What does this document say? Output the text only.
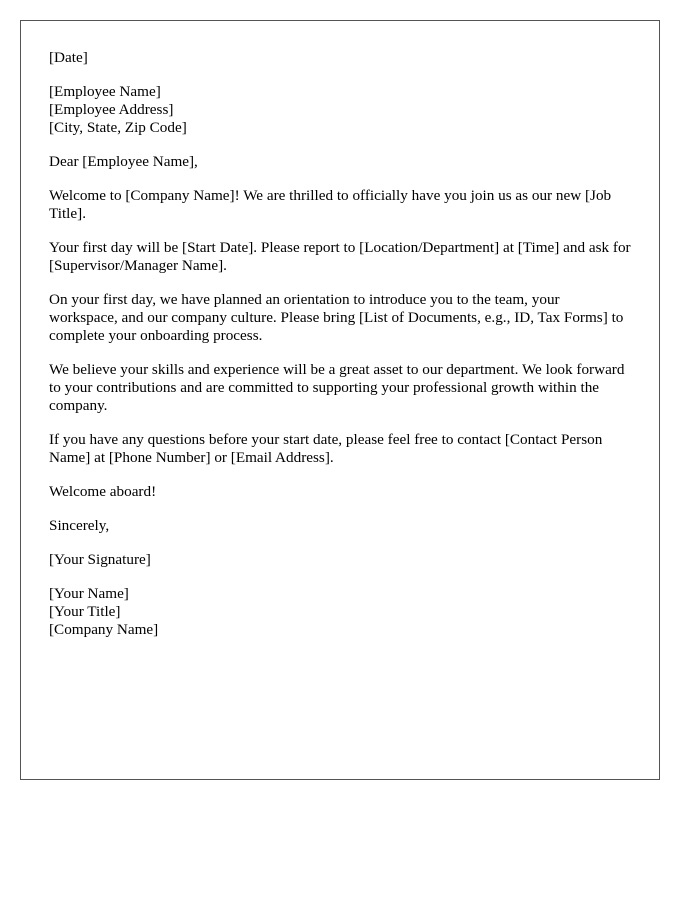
[Date]

[Employee Name]
[Employee Address]
[City, State, Zip Code]

Dear [Employee Name],

Welcome to [Company Name]! We are thrilled to officially have you join us as our new [Job Title].

Your first day will be [Start Date]. Please report to [Location/Department] at [Time] and ask for [Supervisor/Manager Name].

On your first day, we have planned an orientation to introduce you to the team, your workspace, and our company culture. Please bring [List of Documents, e.g., ID, Tax Forms] to complete your onboarding process.

We believe your skills and experience will be a great asset to our department. We look forward to your contributions and are committed to supporting your professional growth within the company.

If you have any questions before your start date, please feel free to contact [Contact Person Name] at [Phone Number] or [Email Address].

Welcome aboard!

Sincerely,

[Your Signature]

[Your Name]
[Your Title]
[Company Name]
